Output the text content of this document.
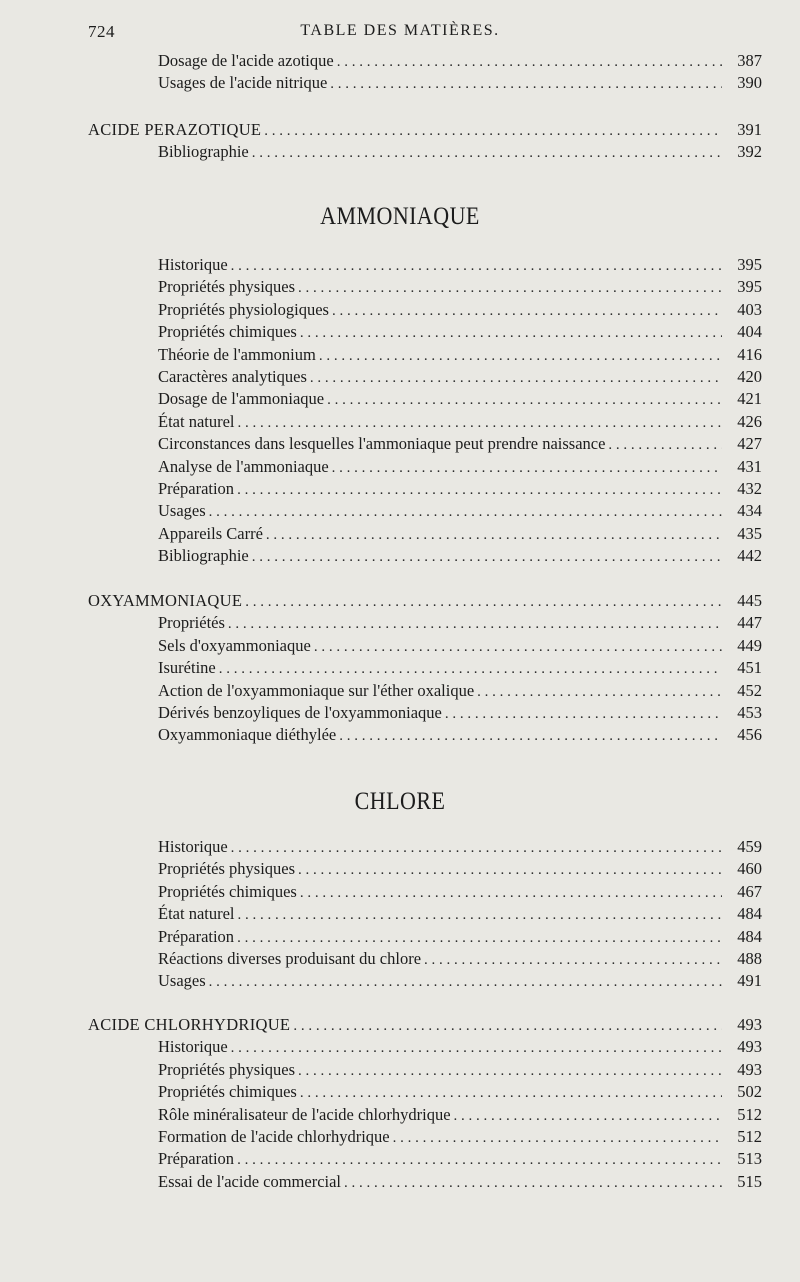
724	TABLE DES MATIÈRES.
Dosage de l'acide azotique . . .	387
Usages de l'acide nitrique . . .	390
ACIDE PERAZOTIQUE . . .	391
Bibliographie . . .	392
AMMONIAQUE
Historique . . .	395
Propriétés physiques . . .	395
Propriétés physiologiques . . .	403
Propriétés chimiques . . .	404
Théorie de l'ammonium . . .	416
Caractères analytiques . . .	420
Dosage de l'ammoniaque . . .	421
État naturel . . .	426
Circonstances dans lesquelles l'ammoniaque peut prendre naissance . . .	427
Analyse de l'ammoniaque . . .	431
Préparation . . .	432
Usages . . .	434
Appareils Carré . . .	435
Bibliographie . . .	442
OXYAMMONIAQUE . . .	445
Propriétés . . .	447
Sels d'oxyammoniaque . . .	449
Isurétine . . .	451
Action de l'oxyammoniaque sur l'éther oxalique . . .	452
Dérivés benzoyliques de l'oxyammoniaque . . .	453
Oxyammoniaque diéthylée . . .	456
CHLORE
Historique . . .	459
Propriétés physiques . . .	460
Propriétés chimiques . . .	467
État naturel . . .	484
Préparation . . .	484
Réactions diverses produisant du chlore . . .	488
Usages . . .	491
ACIDE CHLORHYDRIQUE . . .	493
Historique . . .	493
Propriétés physiques . . .	493
Propriétés chimiques . . .	502
Rôle minéralisateur de l'acide chlorhydrique . . .	512
Formation de l'acide chlorhydrique . . .	512
Préparation . . .	513
Essai de l'acide commercial . . .	515
